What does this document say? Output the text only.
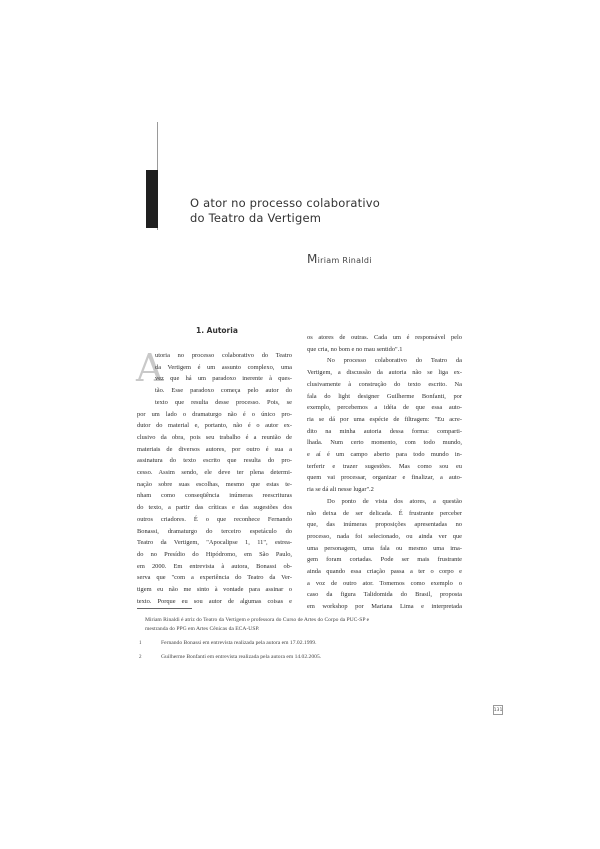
O ator no processo colaborativo
do Teatro da Vertigem
Miriam Rinaldi
1. Autoria
A
utoria no processo colaborativo do Teatro
da Vertigem é um assunto complexo, uma
vez que há um paradoxo inerente à ques-
tão. Esse paradoxo começa pelo autor do
texto que resulta desse processo. Pois, se
por um lado o dramaturgo não é o único pro-
dutor do material e, portanto, não é o autor ex-
clusivo da obra, pois seu trabalho é a reunião de
materiais de diversos autores, por outro é sua a
assinatura do texto escrito que resulta do pro-
cesso. Assim sendo, ele deve ter plena determi-
nação sobre suas escolhas, mesmo que estas te-
nham como conseqüência inúmeras reescrituras
do texto, a partir das críticas e das sugestões dos
outros criadores. É o que reconhece Fernando
Bonassi, dramaturgo do terceiro espetáculo do
Teatro da Vertigem, "Apocalipse 1, 11", estrea-
do no Presídio do Hipódromo, em São Paulo,
em 2000. Em entrevista à autora, Bonassi ob-
serva que "com a experiência do Teatro da Ver-
tigem eu não me sinto à vontade para assinar o
texto. Porque eu sou autor de algumas coisas e
os atores de outras. Cada um é responsável pelo
que cria, no bom e no mau sentido".1
No processo colaborativo do Teatro da
Vertigem, a discussão da autoria não se liga ex-
clusivamente à construção do texto escrito. Na
fala do light designer Guilherme Bonfanti, por
exemplo, percebemos a idéia de que essa auto-
ria se dá por uma espécie de filtragem: "Eu acre-
dito na minha autoria dessa forma: comparti-
lhada. Num certo momento, com todo mundo,
e aí é um campo aberto para todo mundo in-
terferir e trazer sugestões. Mas como sou eu
quem vai processar, organizar e finalizar, a auto-
ria se dá ali nesse lugar".2
Do ponto de vista dos atores, a questão
não deixa de ser delicada. É frustrante perceber
que, das inúmeras proposições apresentadas no
processo, nada foi selecionado, ou ainda ver que
uma personagem, uma fala ou mesmo uma ima-
gem foram cortadas. Pode ser mais frustrante
ainda quando essa criação passa a ter o corpo e
a voz de outro ator. Tomemos como exemplo o
caso da figura Talidomida do Brasil, proposta
em workshop por Mariana Lima e interpretada
Miriam Rinaldi é atriz do Teatro da Vertigem e professora do Curso de Artes do Corpo da PUC-SP e
mestranda do PPG em Artes Cênicas da ECA-USP.
1	Fernando Bonassi em entrevista realizada pela autora em 17.02.1999.
2	Guilherme Bonfanti em entrevista realizada pela autora em 14.02.2005.
131
